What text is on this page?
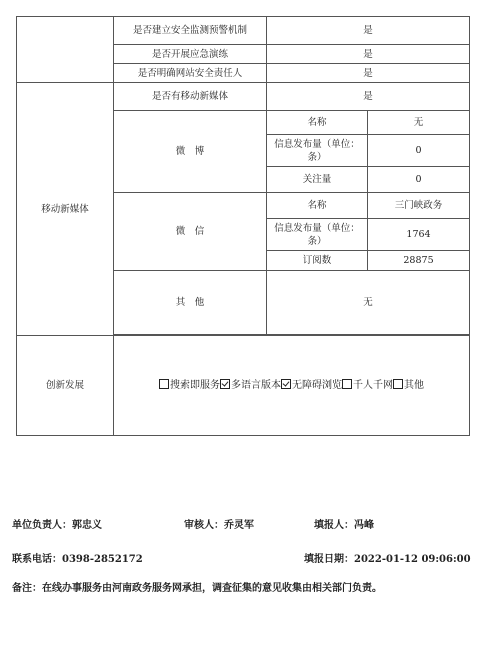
	是否建立安全监测预警机制	是	
	是否开展应急演练	是	
	是否明确网站安全责任人	是	
移动新媒体	是否有移动新媒体	是	
	微　博	名称	无
		信息发布量（单位：条）	0
		关注量	0
	微　信	名称	三门峡政务
		信息发布量（单位：条）	1764
		订阅数	28875
	其　他	无	

创新发展	搜索即服务 多语言版本 无障碍浏览 千人千网 其他		
单位负责人：郭忠义	审核人：乔灵军	填报人：冯峰
联系电话：0398-2852172	填报日期：2022-01-12 09:06:00
备注：在线办事服务由河南政务服务网承担，调查征集的意见收集由相关部门负责。
